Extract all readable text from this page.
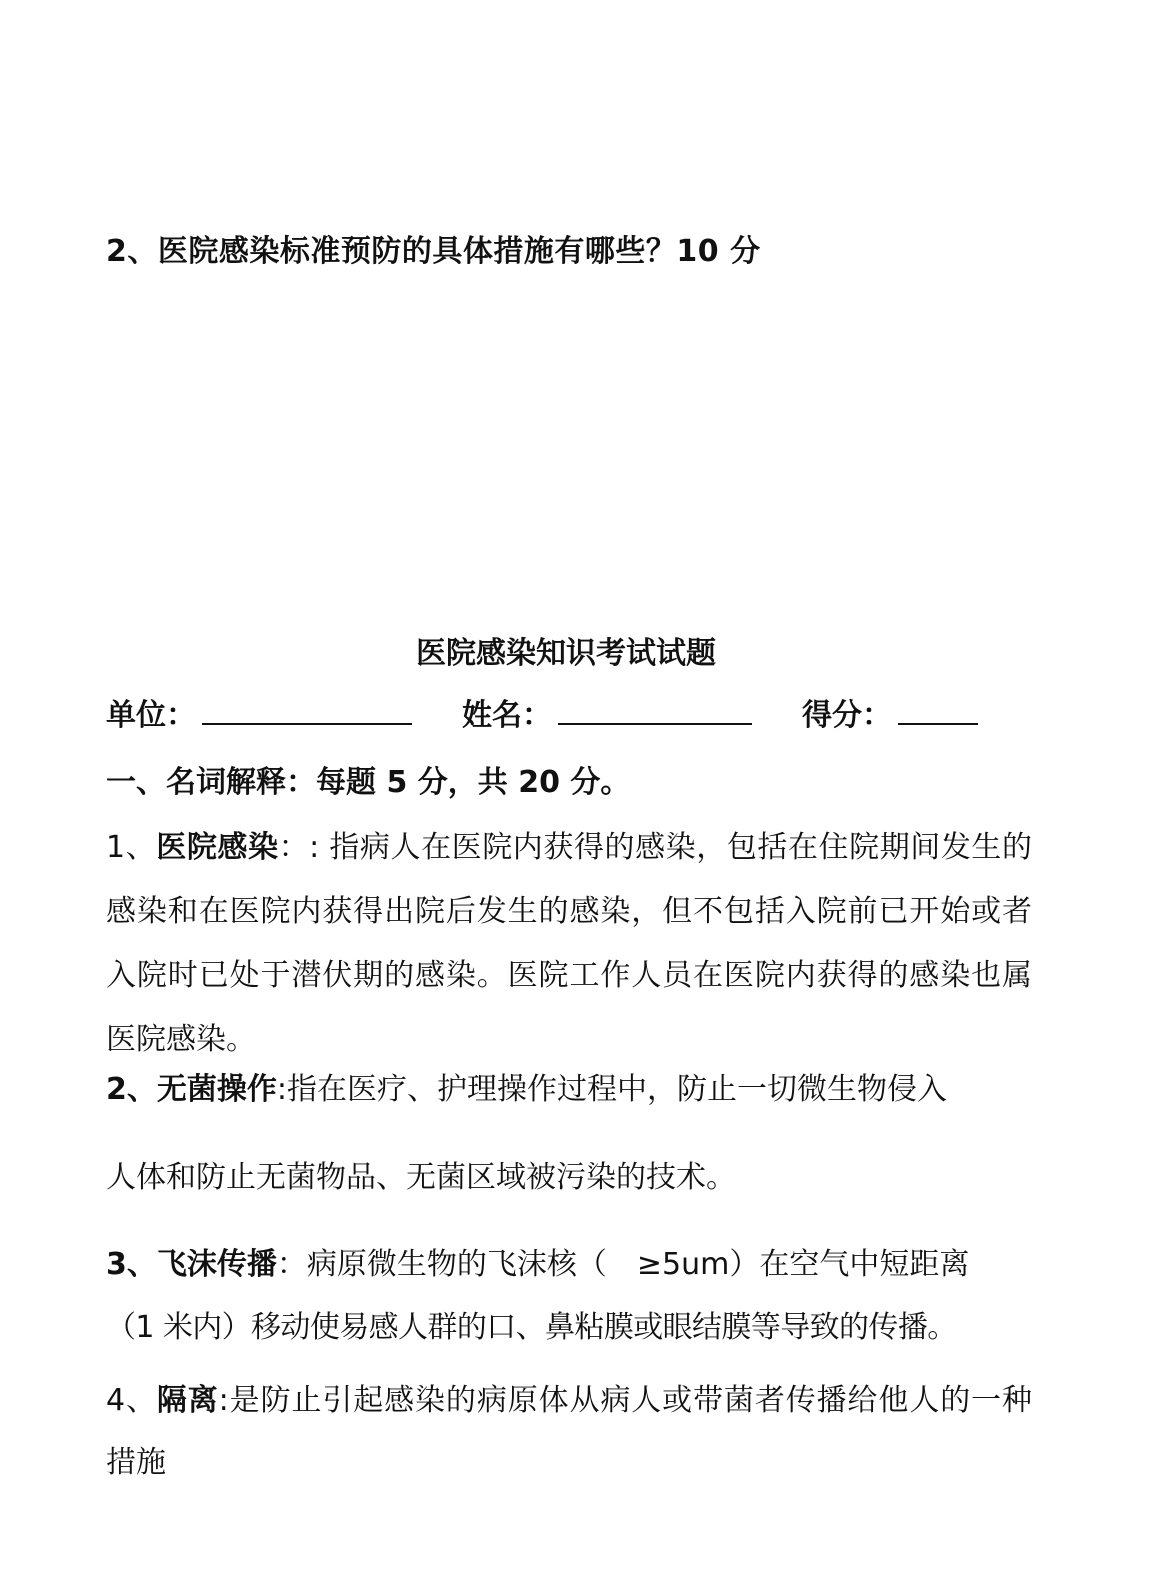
2、医院感染标准预防的具体措施有哪些？10 分
医院感染知识考试试题
单位：	姓名：	得分：
一、名词解释：每题 5 分，共 20 分。
1、医院感染：: 指病人在医院内获得的感染，包括在住院期间发生的感染和在医院内获得出院后发生的感染，但不包括入院前已开始或者入院时已处于潜伏期的感染。医院工作人员在医院内获得的感染也属医院感染。
2、无菌操作:指在医疗、护理操作过程中，防止一切微生物侵入
人体和防止无菌物品、无菌区域被污染的技术。
3、飞沫传播：病原微生物的飞沫核（　≥5um）在空气中短距离
（1 米内）移动使易感人群的口、鼻粘膜或眼结膜等导致的传播。
4、隔离:是防止引起感染的病原体从病人或带菌者传播给他人的一种措施
